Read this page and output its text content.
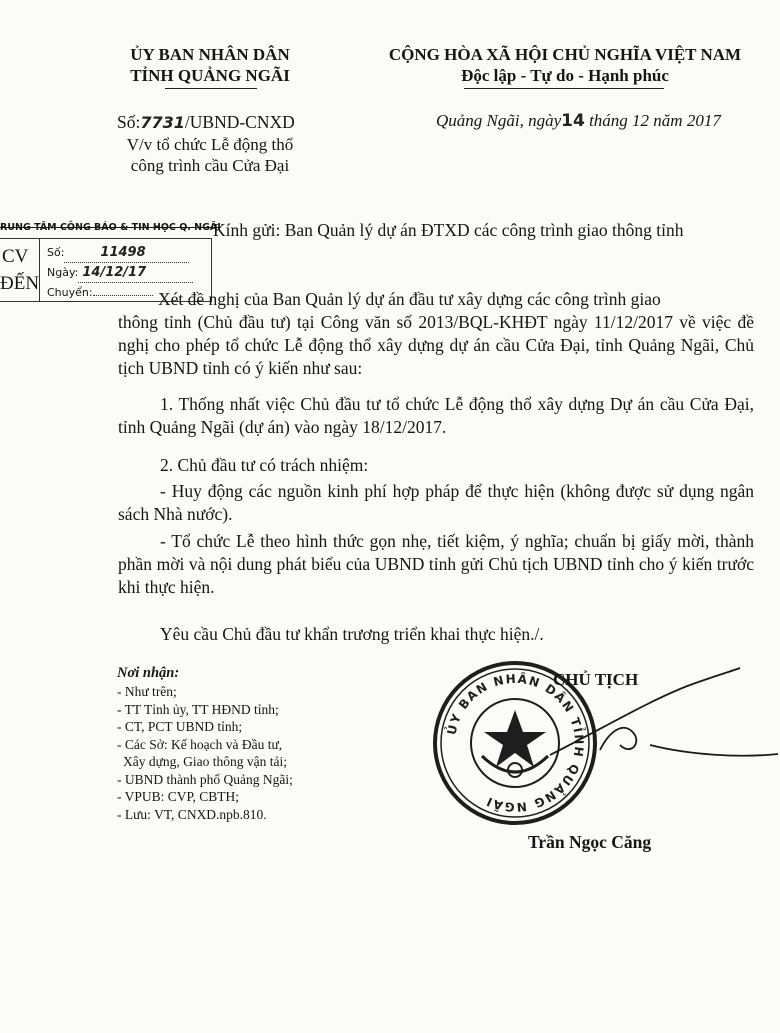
ỦY BAN NHÂN DÂN
TỈNH QUẢNG NGÃI
CỘNG HÒA XÃ HỘI CHỦ NGHĨA VIỆT NAM
Độc lập - Tự do - Hạnh phúc
Số:7731/UBND-CNXD
V/v tổ chức Lễ động thổ
công trình cầu Cửa Đại
Quảng Ngãi, ngày14 tháng 12 năm 2017
RUNG TÂM CÔNG BÁO & TIN HỌC Q. NGÃI
CV
ĐẾN
Số:	11498
Ngày: 14/12/17
Chuyển:
Kính gửi: Ban Quản lý dự án ĐTXD các công trình giao thông tỉnh
Xét đề nghị của Ban Quản lý dự án đầu tư xây dựng các công trình giao
thông tỉnh (Chủ đầu tư) tại Công văn số 2013/BQL-KHĐT ngày 11/12/2017 về việc đề nghị cho phép tổ chức Lễ động thổ xây dựng dự án cầu Cửa Đại, tỉnh Quảng Ngãi, Chủ tịch UBND tỉnh có ý kiến như sau:
1. Thống nhất việc Chủ đầu tư tổ chức Lễ động thổ xây dựng Dự án cầu Cửa Đại, tỉnh Quảng Ngãi (dự án) vào ngày 18/12/2017.
2. Chủ đầu tư có trách nhiệm:
- Huy động các nguồn kinh phí hợp pháp để thực hiện (không được sử dụng ngân sách Nhà nước).
- Tổ chức Lễ theo hình thức gọn nhẹ, tiết kiệm, ý nghĩa; chuẩn bị giấy mời, thành phần mời và nội dung phát biểu của UBND tỉnh gửi Chủ tịch UBND tỉnh cho ý kiến trước khi thực hiện.
Yêu cầu Chủ đầu tư khẩn trương triển khai thực hiện./.
Nơi nhận:
- Như trên;
- TT Tỉnh ủy, TT HĐND tỉnh;
- CT, PCT UBND tỉnh;
- Các Sở: Kế hoạch và Đầu tư,
Xây dựng, Giao thông vận tải;
- UBND thành phố Quảng Ngãi;
- VPUB: CVP, CBTH;
- Lưu: VT, CNXD.npb.810.
ỦY BAN NHÂN DÂN TỈNH QUẢNG NGÃI
CHỦ TỊCH
Trần Ngọc Căng
